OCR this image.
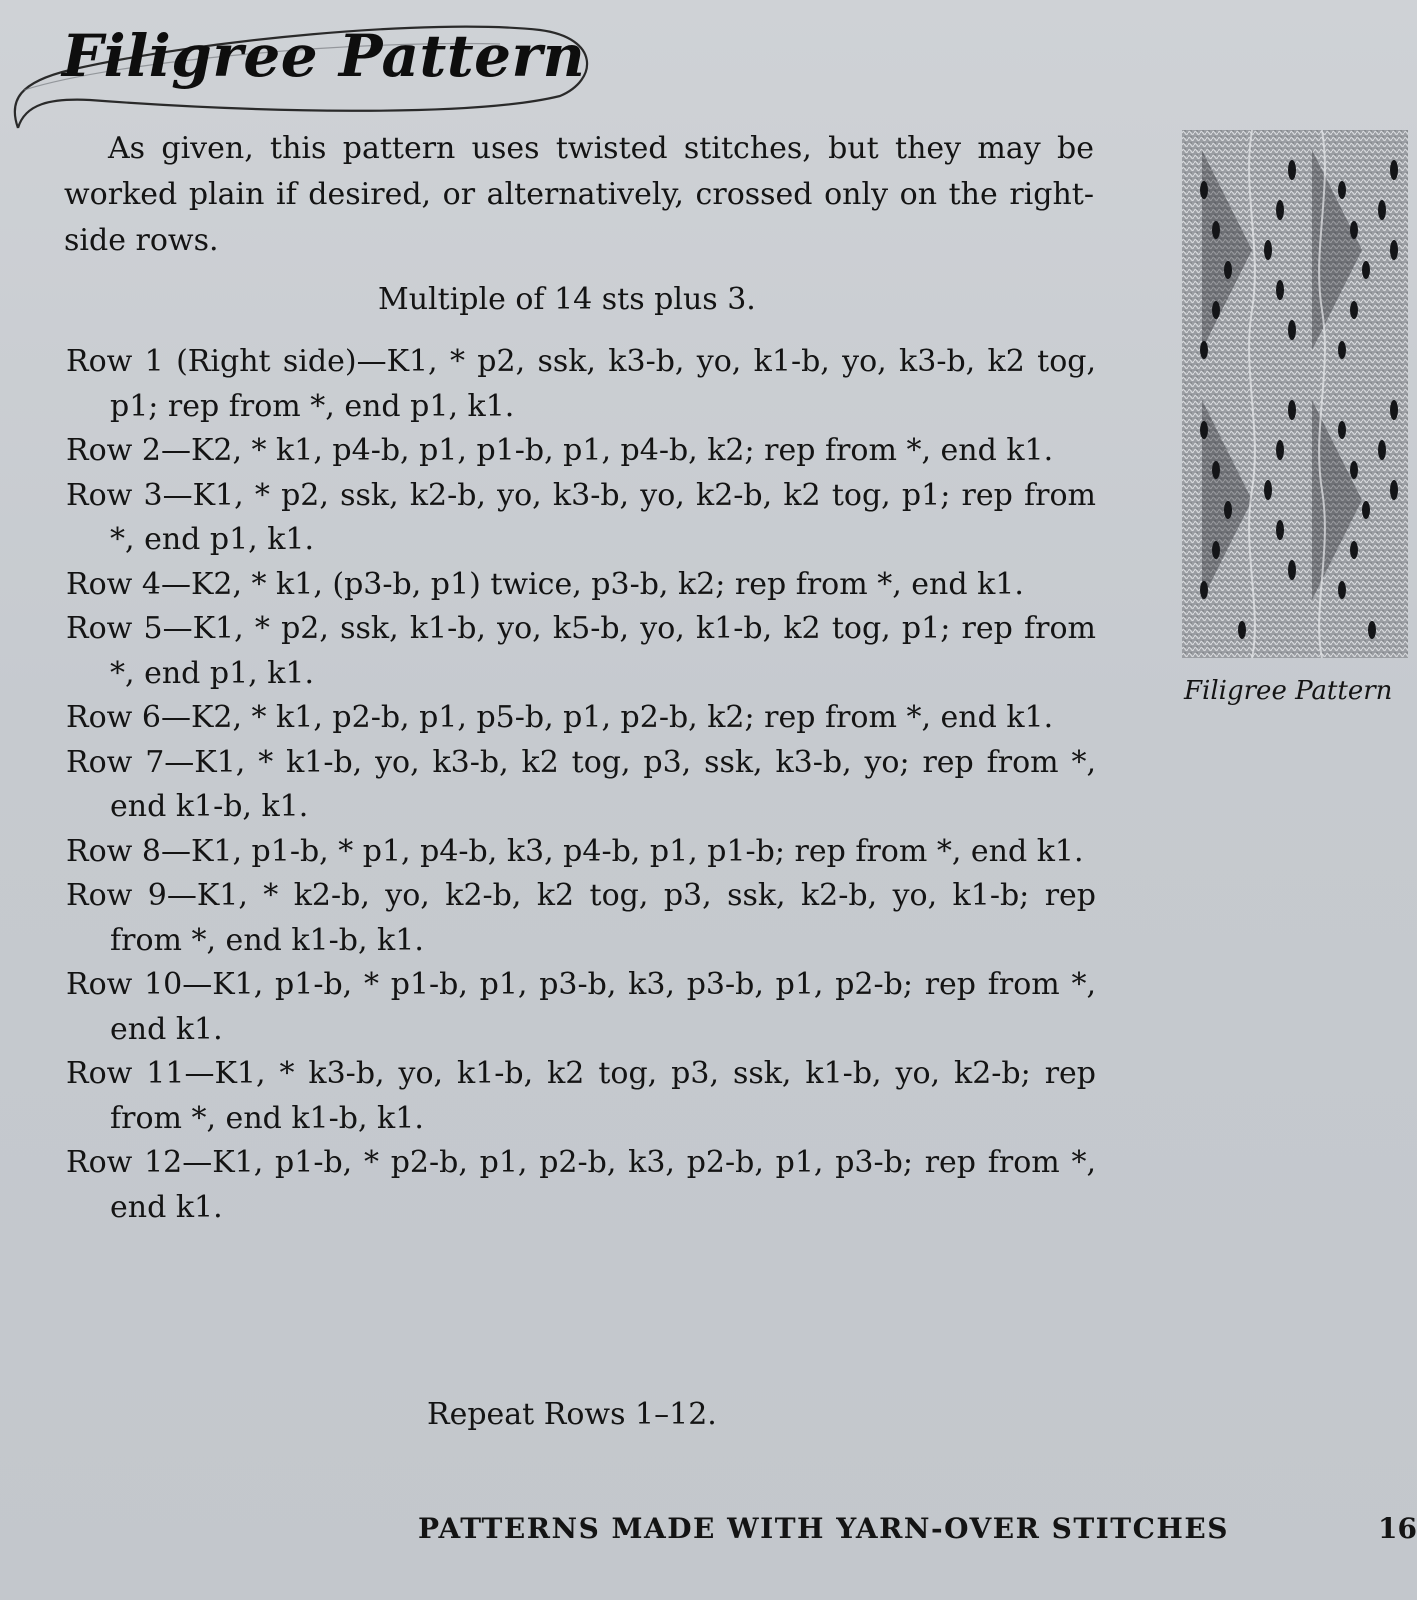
Filigree Pattern

As given, this pattern uses twisted stitches, but they may be worked plain if desired, or alternatively, crossed only on the right-side rows.

Multiple of 14 sts plus 3.

Row 1 (Right side)—K1, * p2, ssk, k3-b, yo, k1-b, yo, k3-b, k2 tog, p1; rep from *, end p1, k1.
Row 2—K2, * k1, p4-b, p1, p1-b, p1, p4-b, k2; rep from *, end k1.
Row 3—K1, * p2, ssk, k2-b, yo, k3-b, yo, k2-b, k2 tog, p1; rep from *, end p1, k1.
Row 4—K2, * k1, (p3-b, p1) twice, p3-b, k2; rep from *, end k1.
Row 5—K1, * p2, ssk, k1-b, yo, k5-b, yo, k1-b, k2 tog, p1; rep from *, end p1, k1.
Row 6—K2, * k1, p2-b, p1, p5-b, p1, p2-b, k2; rep from *, end k1.
Row 7—K1, * k1-b, yo, k3-b, k2 tog, p3, ssk, k3-b, yo; rep from *, end k1-b, k1.
Row 8—K1, p1-b, * p1, p4-b, k3, p4-b, p1, p1-b; rep from *, end k1.
Row 9—K1, * k2-b, yo, k2-b, k2 tog, p3, ssk, k2-b, yo, k1-b; rep from *, end k1-b, k1.
Row 10—K1, p1-b, * p1-b, p1, p3-b, k3, p3-b, p1, p2-b; rep from *, end k1.
Row 11—K1, * k3-b, yo, k1-b, k2 tog, p3, ssk, k1-b, yo, k2-b; rep from *, end k1-b, k1.
Row 12—K1, p1-b, * p2-b, p1, p2-b, k3, p2-b, p1, p3-b; rep from *, end k1.

Repeat Rows 1–12.

Filigree Pattern

PATTERNS MADE WITH YARN-OVER STITCHES	16
